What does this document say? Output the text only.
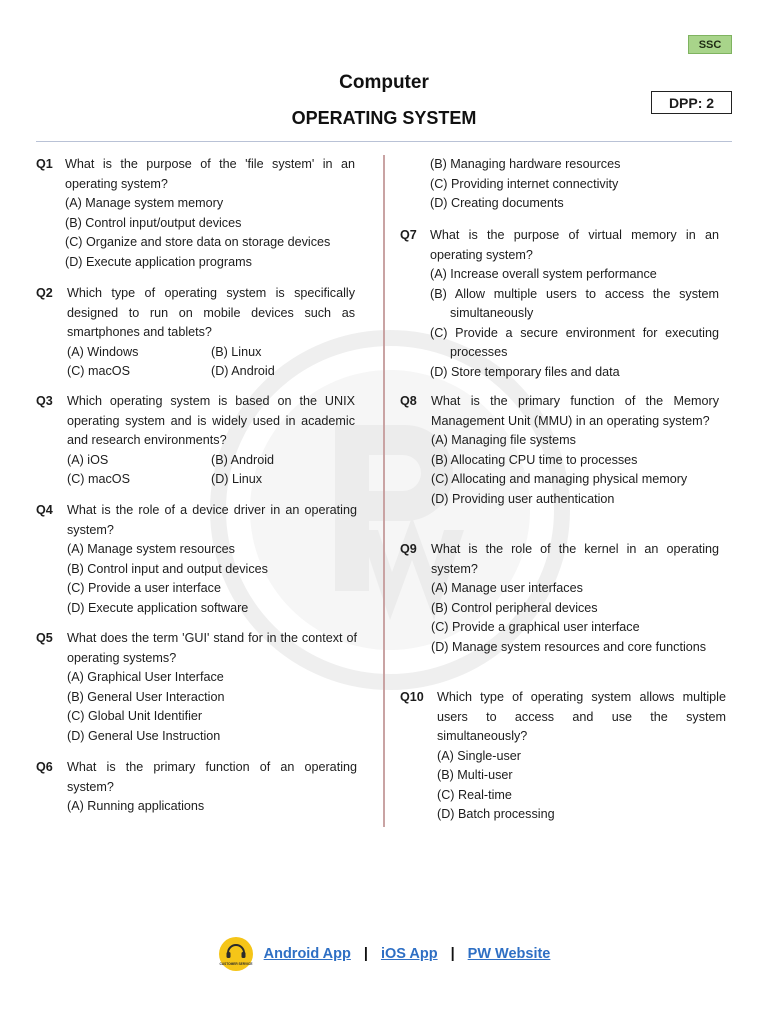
SSC
Computer
OPERATING SYSTEM
DPP: 2
Q1 What is the purpose of the 'file system' in an operating system?
(A) Manage system memory
(B) Control input/output devices
(C) Organize and store data on storage devices
(D) Execute application programs
Q2 Which type of operating system is specifically designed to run on mobile devices such as smartphones and tablets?
(A) Windows	(B) Linux
(C) macOS	(D) Android
Q3 Which operating system is based on the UNIX operating system and is widely used in academic and research environments?
(A) iOS	(B) Android
(C) macOS	(D) Linux
Q4 What is the role of a device driver in an operating system?
(A) Manage system resources
(B) Control input and output devices
(C) Provide a user interface
(D) Execute application software
Q5 What does the term 'GUI' stand for in the context of operating systems?
(A) Graphical User Interface
(B) General User Interaction
(C) Global Unit Identifier
(D) General Use Instruction
Q6 What is the primary function of an operating system?
(A) Running applications
(B) Managing hardware resources
(C) Providing internet connectivity
(D) Creating documents
Q7 What is the purpose of virtual memory in an operating system?
(A) Increase overall system performance
(B) Allow multiple users to access the system simultaneously
(C) Provide a secure environment for executing processes
(D) Store temporary files and data
Q8 What is the primary function of the Memory Management Unit (MMU) in an operating system?
(A) Managing file systems
(B) Allocating CPU time to processes
(C) Allocating and managing physical memory
(D) Providing user authentication
Q9 What is the role of the kernel in an operating system?
(A) Manage user interfaces
(B) Control peripheral devices
(C) Provide a graphical user interface
(D) Manage system resources and core functions
Q10 Which type of operating system allows multiple users to access and use the system simultaneously?
(A) Single-user
(B) Multi-user
(C) Real-time
(D) Batch processing
CUSTOMER SERVICE
Android App | iOS App | PW Website
